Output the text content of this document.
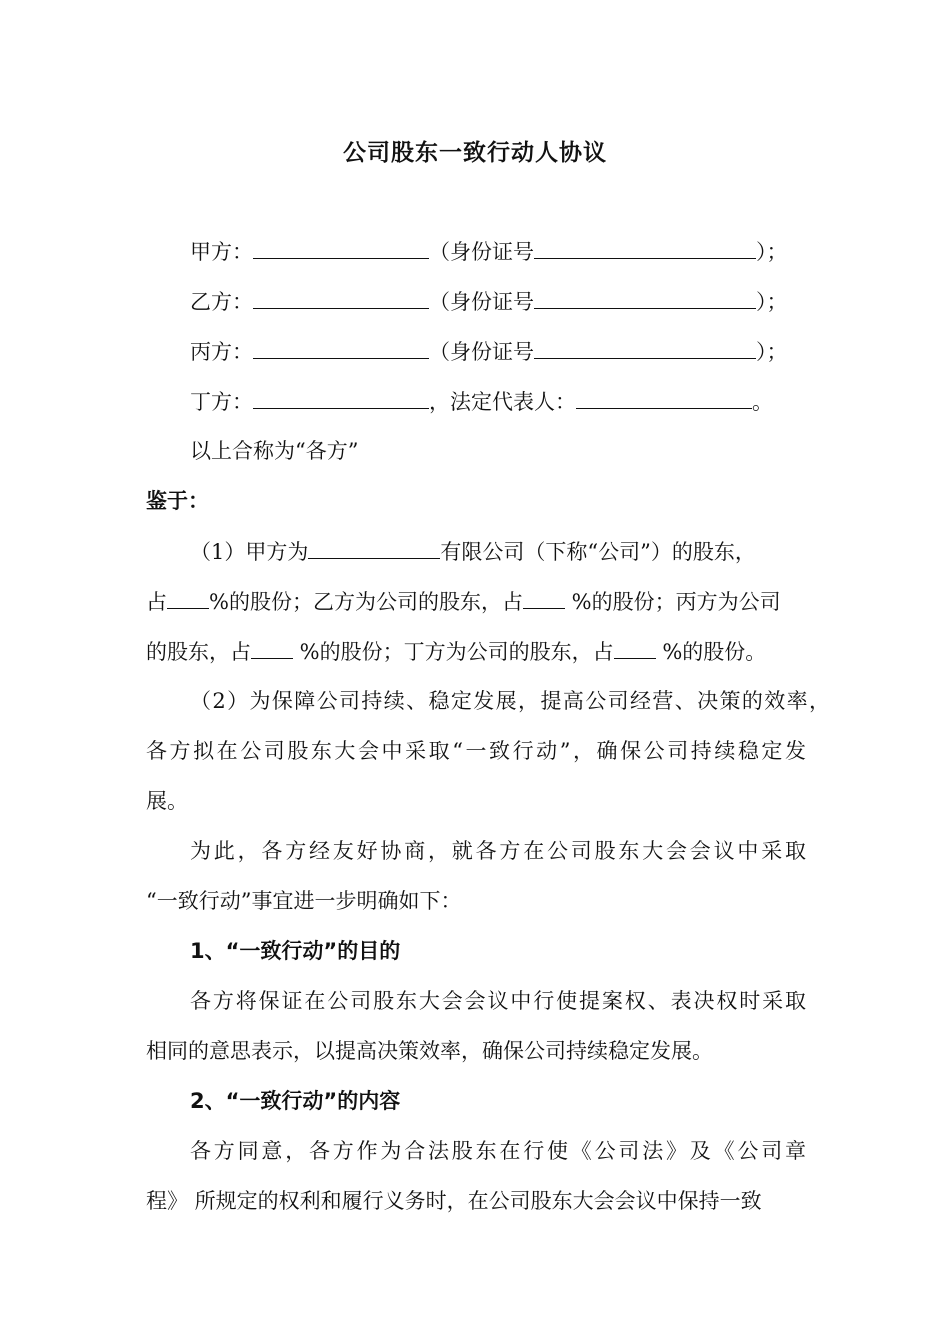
公司股东一致行动人协议
甲方：	（身份证号	）；
乙方：	（身份证号	）；
丙方：	（身份证号	）；
丁方：	，法定代表人：	。
以上合称为“各方”
鉴于：
（1）甲方为	有限公司（下称“公司”）的股东，
占 %的股份；乙方为公司的股东，占 %的股份；丙方为公司
的股东，占 %的股份；丁方为公司的股东，占 %的股份。
（2）为保障公司持续、稳定发展，提高公司经营、决策的效率，
各方拟在公司股东大会中采取“一致行动”，确保公司持续稳定发
展。
为此，各方经友好协商，就各方在公司股东大会会议中采取
“一致行动”事宜进一步明确如下：
1、“一致行动”的目的
各方将保证在公司股东大会会议中行使提案权、表决权时采取
相同的意思表示，以提高决策效率，确保公司持续稳定发展。
2、“一致行动”的内容
各方同意，各方作为合法股东在行使《公司法》及《公司章
程》 所规定的权利和履行义务时，在公司股东大会会议中保持一致
